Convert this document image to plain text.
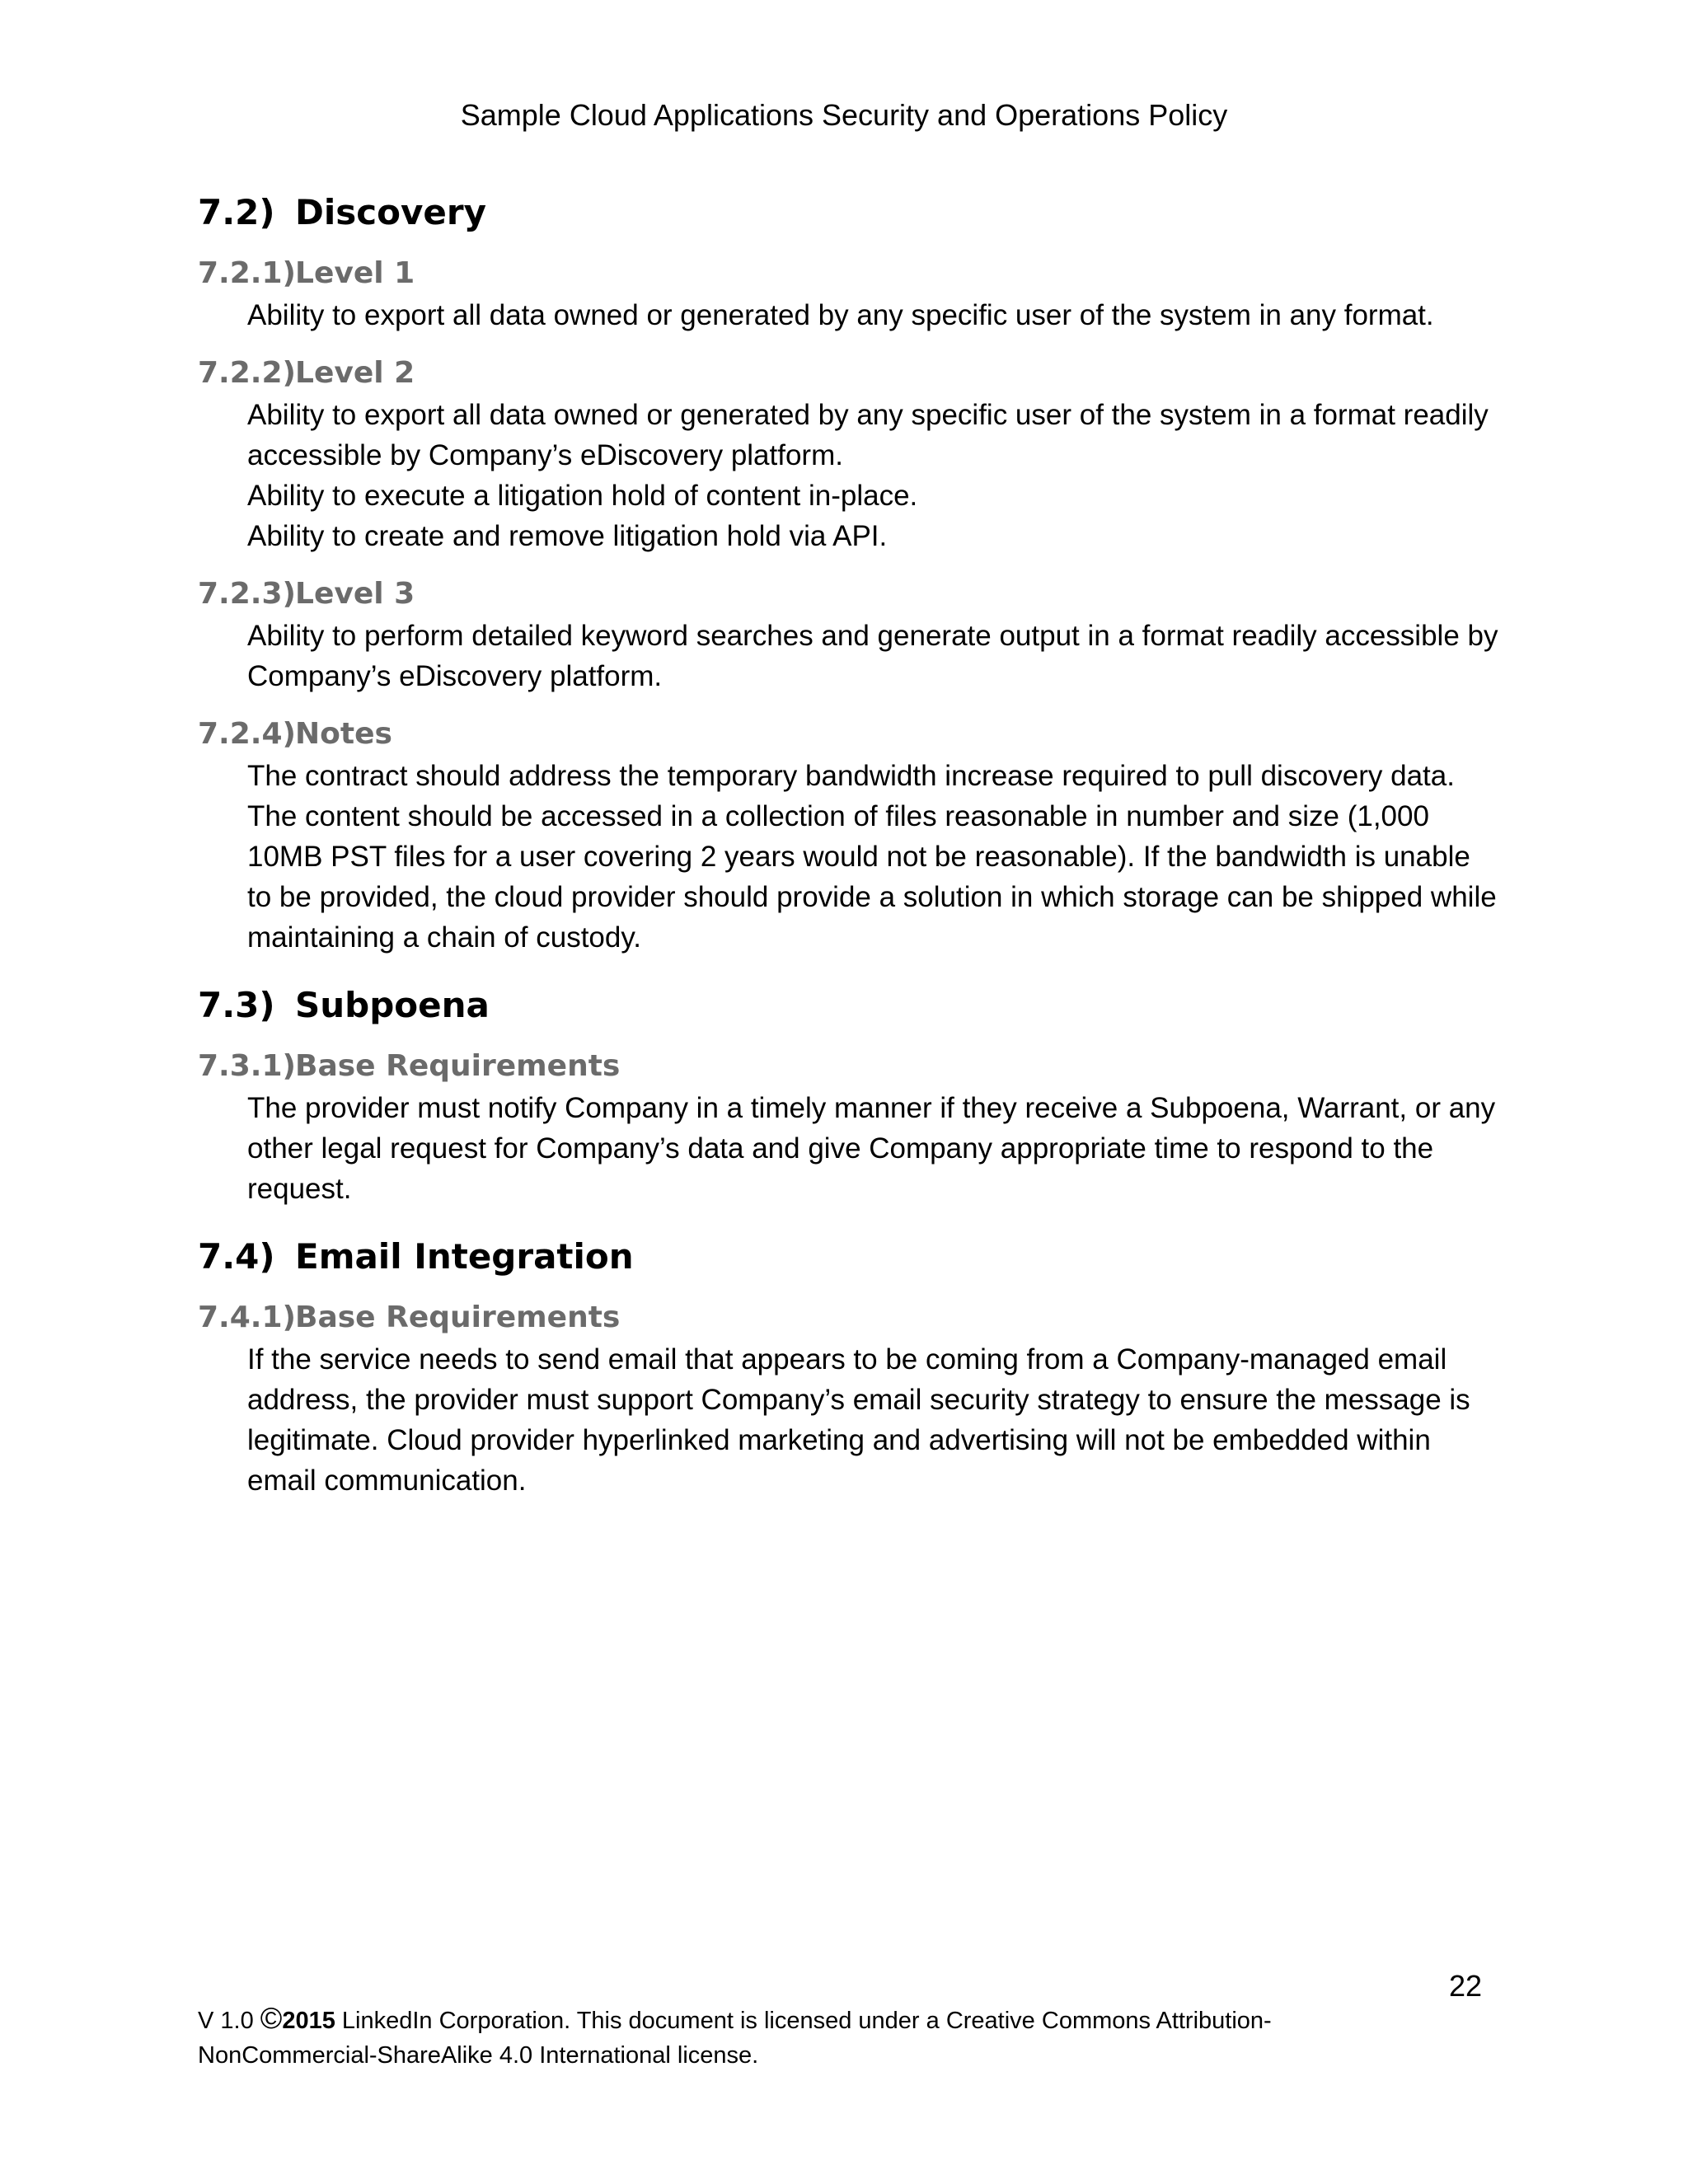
Sample Cloud Applications Security and Operations Policy
7.2) Discovery
7.2.1) Level 1

Ability to export all data owned or generated by any specific user of the system in any format.

7.2.2) Level 2

Ability to export all data owned or generated by any specific user of the system in a format readily accessible by Company’s eDiscovery platform.

Ability to execute a litigation hold of content in-place.

Ability to create and remove litigation hold via API.

7.2.3) Level 3

Ability to perform detailed keyword searches and generate output in a format readily accessible by Company’s eDiscovery platform.

7.2.4) Notes

The contract should address the temporary bandwidth increase required to pull discovery data. The content should be accessed in a collection of files reasonable in number and size (1,000 10MB PST files for a user covering 2 years would not be reasonable). If the bandwidth is unable to be provided, the cloud provider should provide a solution in which storage can be shipped while maintaining a chain of custody.

7.3) Subpoena
7.3.1) Base Requirements

The provider must notify Company in a timely manner if they receive a Subpoena, Warrant, or any other legal request for Company’s data and give Company appropriate time to respond to the request.

7.4) Email Integration
7.4.1) Base Requirements

If the service needs to send email that appears to be coming from a Company-managed email address, the provider must support Company’s email security strategy to ensure the message is legitimate. Cloud provider hyperlinked marketing and advertising will not be embedded within email communication.

22
V 1.0 ©2015 LinkedIn Corporation. This document is licensed under a Creative Commons Attribution-NonCommercial-ShareAlike 4.0 International license.
